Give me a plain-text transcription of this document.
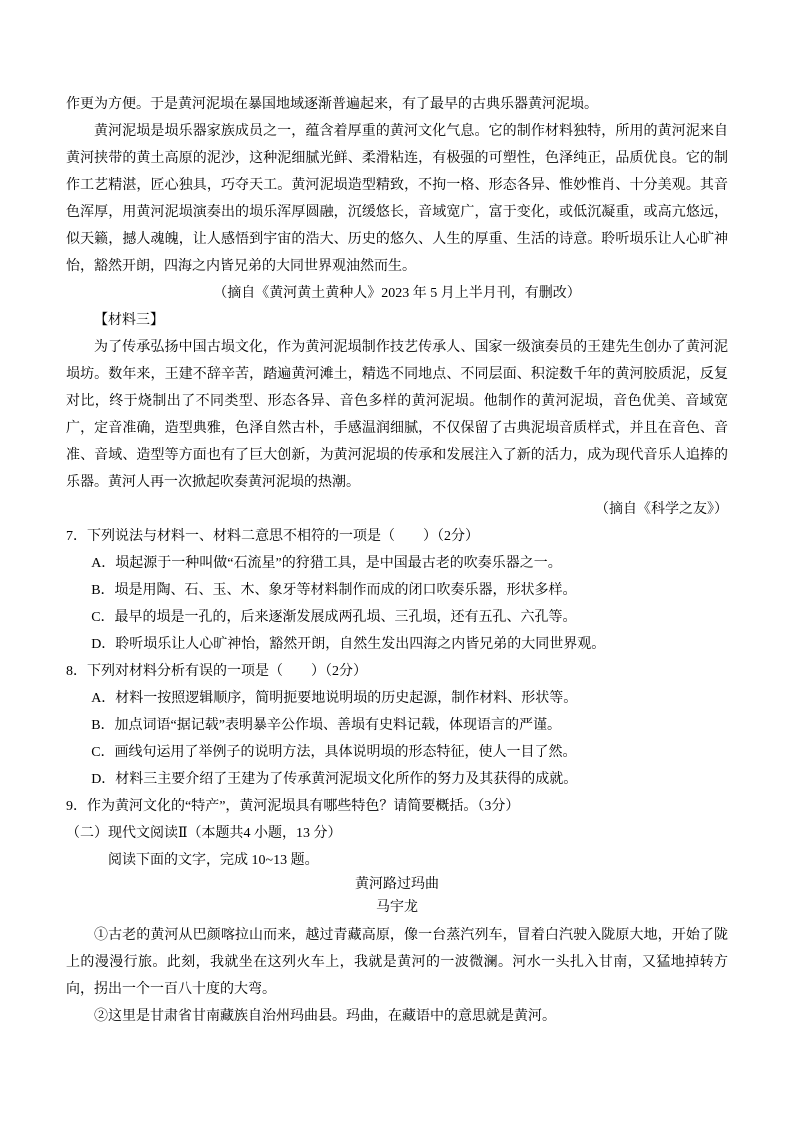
作更为方便。于是黄河泥埙在暴国地域逐渐普遍起来，有了最早的古典乐器黄河泥埙。

黄河泥埙是埙乐器家族成员之一，蕴含着厚重的黄河文化气息。它的制作材料独特，所用的黄河泥来自黄河挟带的黄土高原的泥沙，这种泥细腻光鲜、柔滑粘连，有极强的可塑性，色泽纯正，品质优良。它的制作工艺精湛，匠心独具，巧夺天工。黄河泥埙造型精致，不拘一格、形态各异、惟妙惟肖、十分美观。其音色浑厚，用黄河泥埙演奏出的埙乐浑厚圆融，沉缓悠长，音域宽广，富于变化，或低沉凝重，或高亢悠远，似天籁，撼人魂魄，让人感悟到宇宙的浩大、历史的悠久、人生的厚重、生活的诗意。聆听埙乐让人心旷神怡，豁然开朗，四海之内皆兄弟的大同世界观油然而生。

（摘自《黄河黄土黄种人》2023 年 5 月上半月刊，有删改）

【材料三】

为了传承弘扬中国古埙文化，作为黄河泥埙制作技艺传承人、国家一级演奏员的王建先生创办了黄河泥埙坊。数年来，王建不辞辛苦，踏遍黄河滩土，精选不同地点、不同层面、积淀数千年的黄河胶质泥，反复对比，终于烧制出了不同类型、形态各异、音色多样的黄河泥埙。他制作的黄河泥埙，音色优美、音域宽广，定音准确，造型典雅，色泽自然古朴，手感温润细腻，不仅保留了古典泥埙音质样式，并且在音色、音准、音域、造型等方面也有了巨大创新，为黄河泥埙的传承和发展注入了新的活力，成为现代音乐人追捧的乐器。黄河人再一次掀起吹奏黄河泥埙的热潮。

（摘自《科学之友》）

7．下列说法与材料一、材料二意思不相符的一项是（　　）（2分）

A．埙起源于一种叫做“石流星”的狩猎工具，是中国最古老的吹奏乐器之一。

B．埙是用陶、石、玉、木、象牙等材料制作而成的闭口吹奏乐器，形状多样。

C．最早的埙是一孔的，后来逐渐发展成两孔埙、三孔埙，还有五孔、六孔等。

D．聆听埙乐让人心旷神怡，豁然开朗，自然生发出四海之内皆兄弟的大同世界观。

8．下列对材料分析有误的一项是（　　）（2分）

A．材料一按照逻辑顺序，简明扼要地说明埙的历史起源，制作材料、形状等。

B．加点词语“据记载”表明暴辛公作埙、善埙有史料记载，体现语言的严谨。

C．画线句运用了举例子的说明方法，具体说明埙的形态特征，使人一目了然。

D．材料三主要介绍了王建为了传承黄河泥埙文化所作的努力及其获得的成就。

9．作为黄河文化的“特产”，黄河泥埙具有哪些特色？请简要概括。（3分）

（二）现代文阅读Ⅱ（本题共4 小题，13 分）

阅读下面的文字，完成 10~13 题。

黄河路过玛曲

马宇龙

①古老的黄河从巴颜喀拉山而来，越过青藏高原，像一台蒸汽列车，冒着白汽驶入陇原大地，开始了陇上的漫漫行旅。此刻，我就坐在这列火车上，我就是黄河的一波微澜。河水一头扎入甘南，又猛地掉转方向，拐出一个一百八十度的大弯。

②这里是甘肃省甘南藏族自治州玛曲县。玛曲，在藏语中的意思就是黄河。
